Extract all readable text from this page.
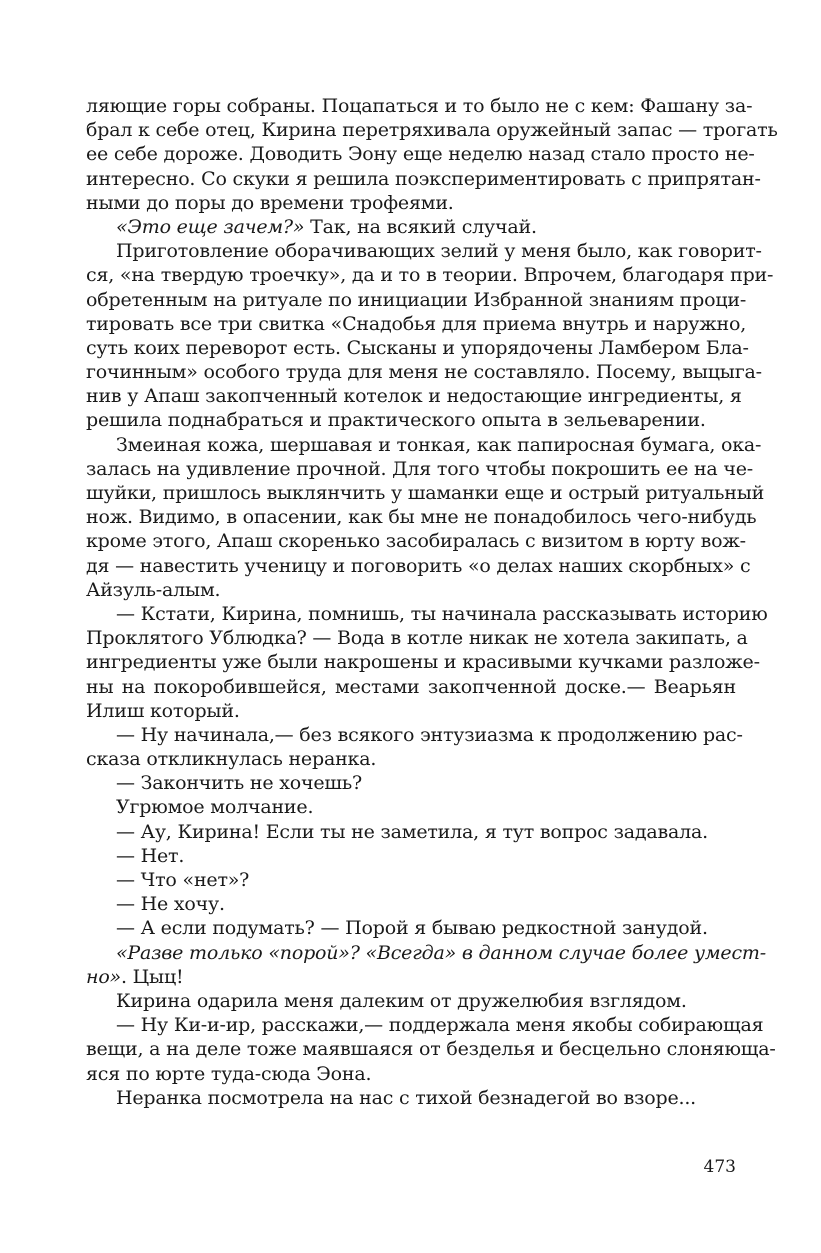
ляющие горы собраны. Поцапаться и то было не с кем: Фашану за-
брал к себе отец, Кирина перетряхивала оружейный запас — трогать
ее себе дороже. Доводить Эону еще неделю назад стало просто не-
интересно. Со скуки я решила поэкспериментировать с припрятан-
ными до поры до времени трофеями.
«Это еще зачем?» Так, на всякий случай.
Приготовление оборачивающих зелий у меня было, как говорит-
ся, «на твердую троечку», да и то в теории. Впрочем, благодаря при-
обретенным на ритуале по инициации Избранной знаниям проци-
тировать все три свитка «Снадобья для приема внутрь и наружно,
суть коих переворот есть. Сысканы и упорядочены Ламбером Бла-
гочинным» особого труда для меня не составляло. Посему, выцыга-
нив у Апаш закопченный котелок и недостающие ингредиенты, я
решила поднабраться и практического опыта в зельеварении.
Змеиная кожа, шершавая и тонкая, как папиросная бумага, ока-
залась на удивление прочной. Для того чтобы покрошить ее на че-
шуйки, пришлось выклянчить у шаманки еще и острый ритуальный
нож. Видимо, в опасении, как бы мне не понадобилось чего-нибудь
кроме этого, Апаш скоренько засобиралась с визитом в юрту вож-
дя — навестить ученицу и поговорить «о делах наших скорбных» с
Айзуль-алым.
— Кстати, Кирина, помнишь, ты начинала рассказывать историю
Проклятого Ублюдка? — Вода в котле никак не хотела закипать, а
ингредиенты уже были накрошены и красивыми кучками разложе-
ны на покоробившейся, местами закопченной доске.— Веарьян
Илиш который.
— Ну начинала,— без всякого энтузиазма к продолжению рас-
сказа откликнулась неранка.
— Закончить не хочешь?
Угрюмое молчание.
— Ау, Кирина! Если ты не заметила, я тут вопрос задавала.
— Нет.
— Что «нет»?
— Не хочу.
— А если подумать? — Порой я бываю редкостной занудой.
«Разве только «порой»? «Всегда» в данном случае более умест-
но». Цыц!
Кирина одарила меня далеким от дружелюбия взглядом.
— Ну Ки-и-ир, расскажи,— поддержала меня якобы собирающая
вещи, а на деле тоже маявшаяся от безделья и бесцельно слоняюща-
яся по юрте туда-сюда Эона.
Неранка посмотрела на нас с тихой безнадегой во взоре...
473
